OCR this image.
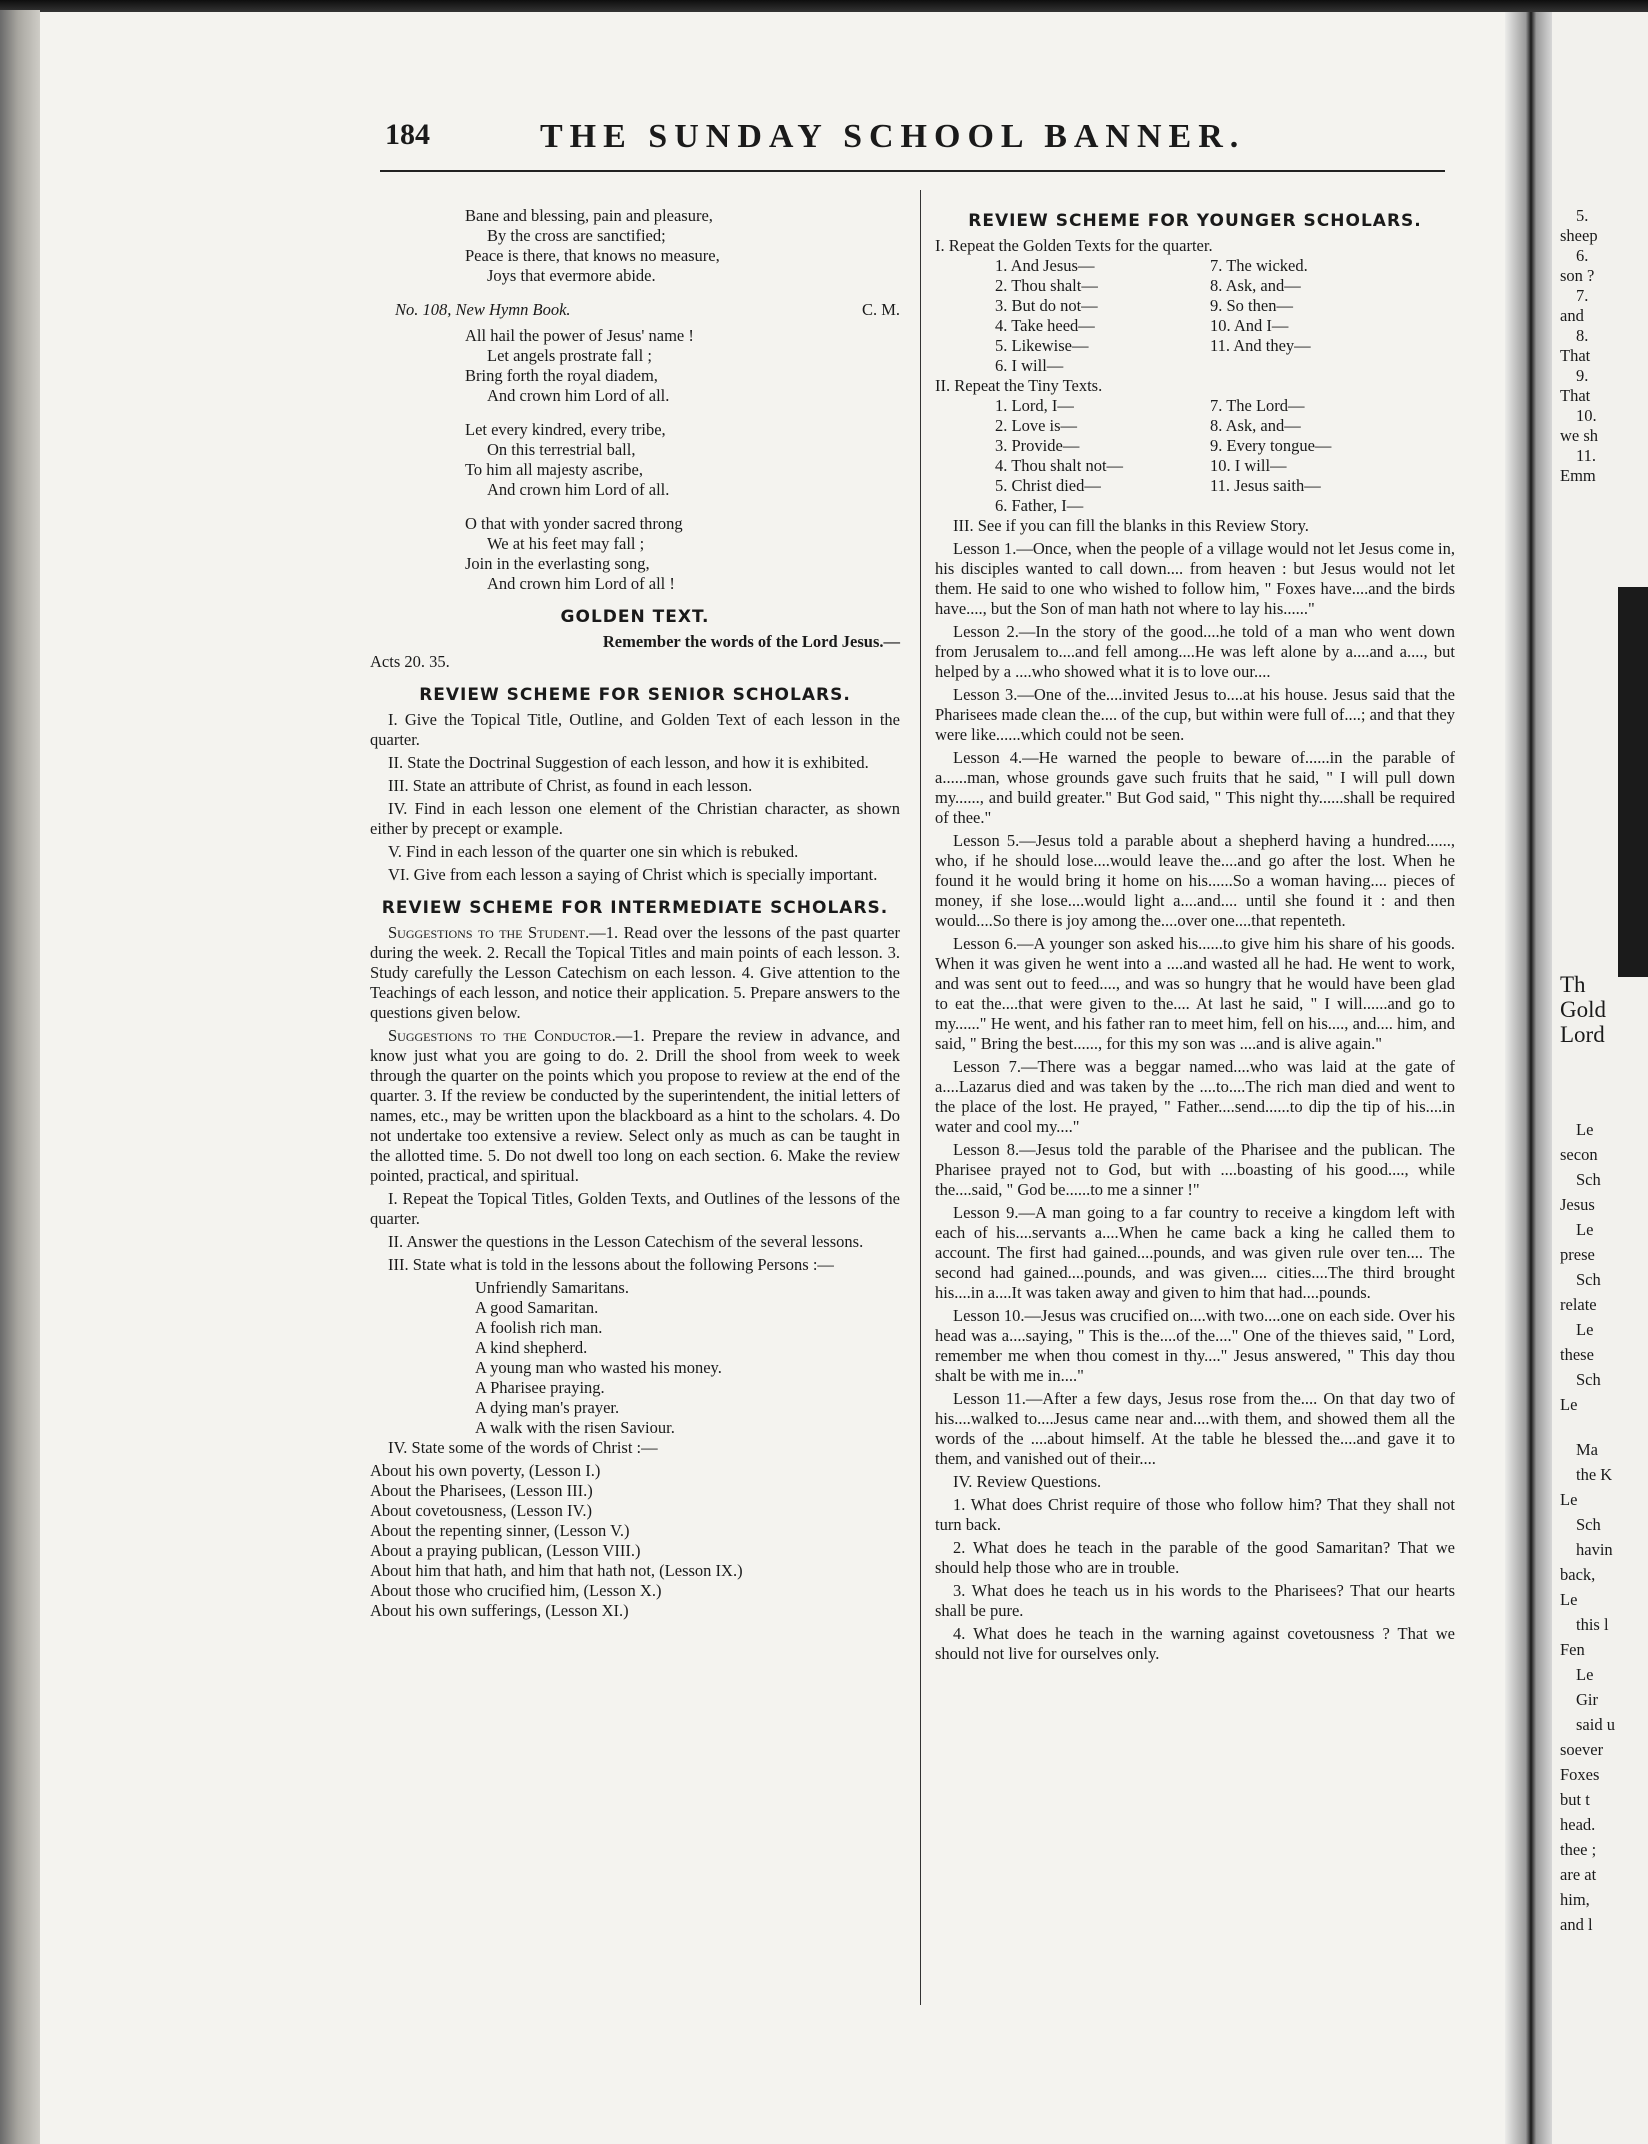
184	THE SUNDAY SCHOOL BANNER.
Bane and blessing, pain and pleasure,
By the cross are sanctified;
Peace is there, that knows no measure,
Joys that evermore abide.
No. 108, New Hymn Book.	C. M.
All hail the power of Jesus' name !
Let angels prostrate fall ;
Bring forth the royal diadem,
And crown him Lord of all.
Let every kindred, every tribe,
On this terrestrial ball,
To him all majesty ascribe,
And crown him Lord of all.
O that with yonder sacred throng
We at his feet may fall ;
Join in the everlasting song,
And crown him Lord of all !
GOLDEN TEXT.
Remember the words of the Lord Jesus.—
Acts 20. 35.
REVIEW SCHEME FOR SENIOR SCHOLARS.

I. Give the Topical Title, Outline, and Golden Text of each lesson in the quarter.

II. State the Doctrinal Suggestion of each lesson, and how it is exhibited.

III. State an attribute of Christ, as found in each lesson.

IV. Find in each lesson one element of the Christian character, as shown either by precept or example.

V. Find in each lesson of the quarter one sin which is rebuked.

VI. Give from each lesson a saying of Christ which is specially important.

REVIEW SCHEME FOR INTERMEDIATE SCHOLARS.

Suggestions to the Student.—1. Read over the lessons of the past quarter during the week. 2. Recall the Topical Titles and main points of each lesson. 3. Study carefully the Lesson Catechism on each lesson. 4. Give attention to the Teachings of each lesson, and notice their application. 5. Prepare answers to the questions given below.

Suggestions to the Conductor.—1. Prepare the review in advance, and know just what you are going to do. 2. Drill the shool from week to week through the quarter on the points which you propose to review at the end of the quarter. 3. If the review be conducted by the superintendent, the initial letters of names, etc., may be written upon the blackboard as a hint to the scholars. 4. Do not undertake too extensive a review. Select only as much as can be taught in the allotted time. 5. Do not dwell too long on each section. 6. Make the review pointed, practical, and spiritual.

I. Repeat the Topical Titles, Golden Texts, and Outlines of the lessons of the quarter.

II. Answer the questions in the Lesson Catechism of the several lessons.

III. State what is told in the lessons about the following Persons :—

Unfriendly Samaritans.
A good Samaritan.
A foolish rich man.
A kind shepherd.
A young man who wasted his money.
A Pharisee praying.
A dying man's prayer.
A walk with the risen Saviour.

IV. State some of the words of Christ :—

About his own poverty, (Lesson I.)
About the Pharisees, (Lesson III.)
About covetousness, (Lesson IV.)
About the repenting sinner, (Lesson V.)
About a praying publican, (Lesson VIII.)
About him that hath, and him that hath not, (Lesson IX.)
About those who crucified him, (Lesson X.)
About his own sufferings, (Lesson XI.)
REVIEW SCHEME FOR YOUNGER SCHOLARS.

I. Repeat the Golden Texts for the quarter.

1. And Jesus—	7. The wicked.
2. Thou shalt—	8. Ask, and—
3. But do not—	9. So then—
4. Take heed—	10. And I—
5. Likewise—	11. And they—
6. I will—

II. Repeat the Tiny Texts.

1. Lord, I—	7. The Lord—
2. Love is—	8. Ask, and—
3. Provide—	9. Every tongue—
4. Thou shalt not—	10. I will—
5. Christ died—	11. Jesus saith—
6. Father, I—

III. See if you can fill the blanks in this Review Story.

Lesson 1.—Once, when the people of a village would not let Jesus come in, his disciples wanted to call down.... from heaven : but Jesus would not let them. He said to one who wished to follow him, " Foxes have....and the birds have...., but the Son of man hath not where to lay his......"

Lesson 2.—In the story of the good....he told of a man who went down from Jerusalem to....and fell among....He was left alone by a....and a...., but helped by a ....who showed what it is to love our....

Lesson 3.—One of the....invited Jesus to....at his house. Jesus said that the Pharisees made clean the.... of the cup, but within were full of....; and that they were like......which could not be seen.

Lesson 4.—He warned the people to beware of......in the parable of a......man, whose grounds gave such fruits that he said, " I will pull down my......, and build greater." But God said, " This night thy......shall be required of thee."

Lesson 5.—Jesus told a parable about a shepherd having a hundred......, who, if he should lose....would leave the....and go after the lost. When he found it he would bring it home on his......So a woman having.... pieces of money, if she lose....would light a....and.... until she found it : and then would....So there is joy among the....over one....that repenteth.

Lesson 6.—A younger son asked his......to give him his share of his goods. When it was given he went into a ....and wasted all he had. He went to work, and was sent out to feed...., and was so hungry that he would have been glad to eat the....that were given to the.... At last he said, " I will......and go to my......" He went, and his father ran to meet him, fell on his...., and.... him, and said, " Bring the best......, for this my son was ....and is alive again."

Lesson 7.—There was a beggar named....who was laid at the gate of a....Lazarus died and was taken by the ....to....The rich man died and went to the place of the lost. He prayed, " Father....send......to dip the tip of his....in water and cool my...."

Lesson 8.—Jesus told the parable of the Pharisee and the publican. The Pharisee prayed not to God, but with ....boasting of his good...., while the....said, " God be......to me a sinner !"

Lesson 9.—A man going to a far country to receive a kingdom left with each of his....servants a....When he came back a king he called them to account. The first had gained....pounds, and was given rule over ten.... The second had gained....pounds, and was given.... cities....The third brought his....in a....It was taken away and given to him that had....pounds.

Lesson 10.—Jesus was crucified on....with two....one on each side. Over his head was a....saying, " This is the....of the...." One of the thieves said, " Lord, remember me when thou comest in thy...." Jesus answered, " This day thou shalt be with me in...."

Lesson 11.—After a few days, Jesus rose from the.... On that day two of his....walked to....Jesus came near and....with them, and showed them all the words of the ....about himself. At the table he blessed the....and gave it to them, and vanished out of their....

IV. Review Questions.

1. What does Christ require of those who follow him? That they shall not turn back.

2. What does he teach in the parable of the good Samaritan? That we should help those who are in trouble.

3. What does he teach us in his words to the Pharisees? That our hearts shall be pure.

4. What does he teach in the warning against covetousness ? That we should not live for ourselves only.

5.
sheep
6.
son ?
7.
and
8.
That
9.
That
10.
we sh
11.
Emm
Th
Gold
Lord
Le
secon
Sch
Jesus
Le
prese
Sch
relate
Le
these
Sch
Le
Ma
the K
Le
Sch
havin
back,
Le
this l
Fen
Le
Gir
said u
soever
Foxes
but t
head.
thee ;
are at
him,
and l
